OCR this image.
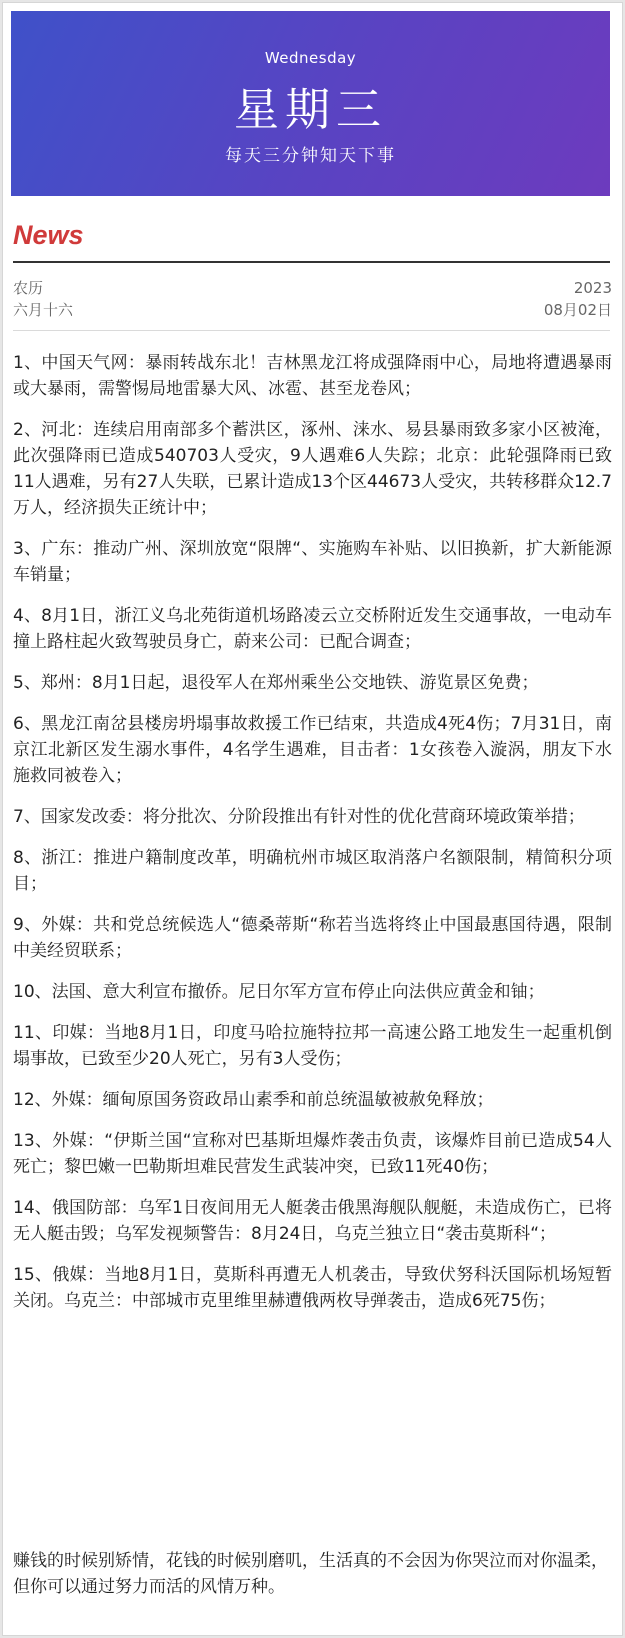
Wednesday
星期三
每天三分钟知天下事
News
农历
六月十六
2023
08月02日

1、中国天气网：暴雨转战东北！吉林黑龙江将成强降雨中心，局地将遭遇暴雨或大暴雨，需警惕局地雷暴大风、冰雹、甚至龙卷风；

2、河北：连续启用南部多个蓄洪区，涿州、涞水、易县暴雨致多家小区被淹，此次强降雨已造成540703人受灾，9人遇难6人失踪；北京：此轮强降雨已致11人遇难，另有27人失联，已累计造成13个区44673人受灾，共转移群众12.7万人，经济损失正统计中；

3、广东：推动广州、深圳放宽“限牌“、实施购车补贴、以旧换新，扩大新能源车销量；

4、8月1日，浙江义乌北苑街道机场路凌云立交桥附近发生交通事故，一电动车撞上路柱起火致驾驶员身亡，蔚来公司：已配合调查；

5、郑州：8月1日起，退役军人在郑州乘坐公交地铁、游览景区免费；

6、黑龙江南岔县楼房坍塌事故救援工作已结束，共造成4死4伤；7月31日，南京江北新区发生溺水事件，4名学生遇难，目击者：1女孩卷入漩涡，朋友下水施救同被卷入；

7、国家发改委：将分批次、分阶段推出有针对性的优化营商环境政策举措；

8、浙江：推进户籍制度改革，明确杭州市城区取消落户名额限制，精简积分项目；

9、外媒：共和党总统候选人“德桑蒂斯“称若当选将终止中国最惠国待遇，限制中美经贸联系；

10、法国、意大利宣布撤侨。尼日尔军方宣布停止向法供应黄金和铀；

11、印媒：当地8月1日，印度马哈拉施特拉邦一高速公路工地发生一起重机倒塌事故，已致至少20人死亡，另有3人受伤；

12、外媒：缅甸原国务资政昂山素季和前总统温敏被赦免释放；

13、外媒：“伊斯兰国“宣称对巴基斯坦爆炸袭击负责，该爆炸目前已造成54人死亡；黎巴嫩一巴勒斯坦难民营发生武装冲突，已致11死40伤；

14、俄国防部：乌军1日夜间用无人艇袭击俄黑海舰队舰艇，未造成伤亡，已将无人艇击毁；乌军发视频警告：8月24日，乌克兰独立日“袭击莫斯科“；

15、俄媒：当地8月1日，莫斯科再遭无人机袭击，导致伏努科沃国际机场短暂关闭。乌克兰：中部城市克里维里赫遭俄两枚导弹袭击，造成6死75伤；

赚钱的时候别矫情，花钱的时候别磨叽，生活真的不会因为你哭泣而对你温柔，但你可以通过努力而活的风情万种。
